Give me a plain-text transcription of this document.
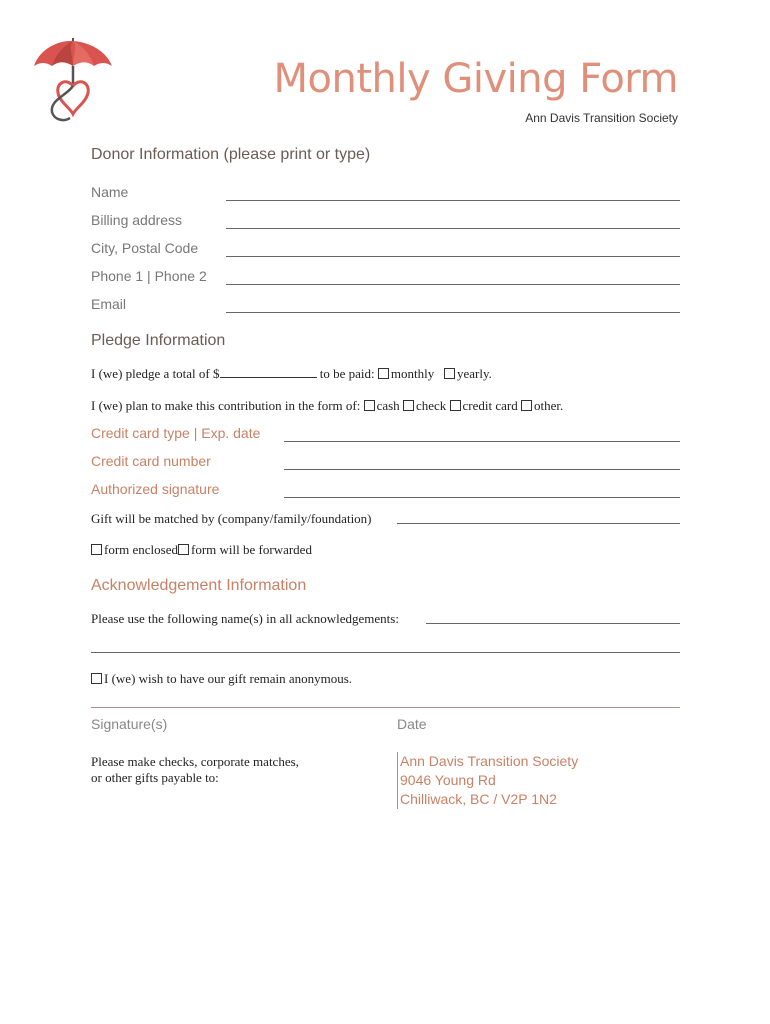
Monthly Giving Form
Ann Davis Transition Society
Donor Information (please print or type)
Name
Billing address
City, Postal Code
Phone 1 | Phone 2
Email
Pledge Information
I (we) pledge a total of $	to be paid: monthly yearly.
I (we) plan to make this contribution in the form of: cash check credit card other.
Credit card type | Exp. date
Credit card number
Authorized signature
Gift will be matched by (company/family/foundation)
form enclosed form will be forwarded
Acknowledgement Information
Please use the following name(s) in all acknowledgements:
I (we) wish to have our gift remain anonymous.
Signature(s)	Date
Please make checks, corporate matches,
or other gifts payable to:
Ann Davis Transition Society
9046 Young Rd
Chilliwack, BC / V2P 1N2
